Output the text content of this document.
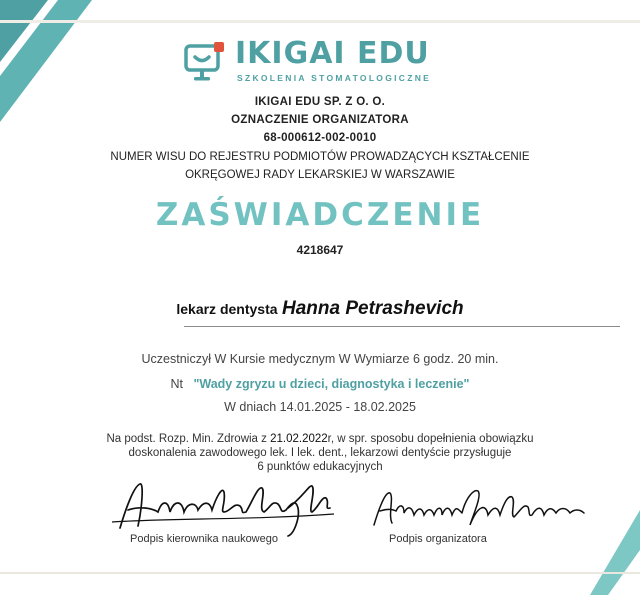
IKIGAI EDU
SZKOLENIA STOMATOLOGICZNE
IKIGAI EDU SP. Z O. O.
OZNACZENIE ORGANIZATORA
68-000612-002-0010
NUMER WISU DO REJESTRU PODMIOTÓW PROWADZĄCYCH KSZTAŁCENIE
OKRĘGOWEJ RADY LEKARSKIEJ W WARSZAWIE
ZAŚWIADCZENIE
4218647
lekarz dentysta Hanna Petrashevich
Uczestniczył W Kursie medycznym W Wymiarze 6 godz. 20 min.
Nt "Wady zgryzu u dzieci, diagnostyka i leczenie"
W dniach 14.01.2025 - 18.02.2025
Na podst. Rozp. Min. Zdrowia z 21.02.2022r, w spr. sposobu dopełnienia obowiązku
doskonalenia zawodowego lek. I lek. dent., lekarzowi dentyście przysługuje
6 punktów edukacyjnych
Podpis kierownika naukowego	Podpis organizatora
